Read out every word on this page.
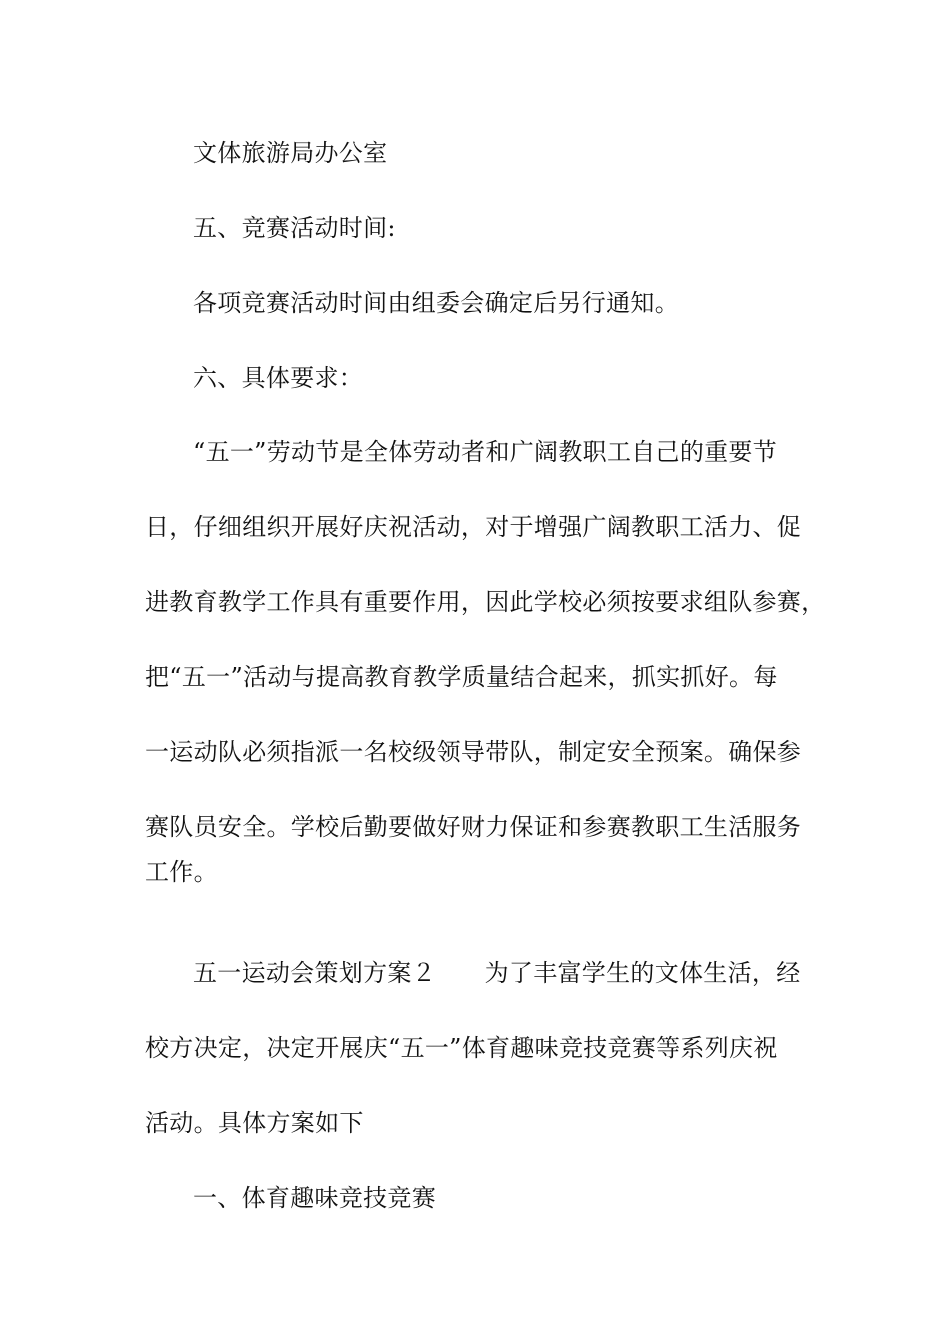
文体旅游局办公室
五、竞赛活动时间:
各项竞赛活动时间由组委会确定后另行通知。
六、具体要求：
“五一”劳动节是全体劳动者和广阔教职工自己的重要节
日，仔细组织开展好庆祝活动，对于增强广阔教职工活力、促
进教育教学工作具有重要作用，因此学校必须按要求组队参赛，
把“五一”活动与提高教育教学质量结合起来，抓实抓好。每
一运动队必须指派一名校级领导带队，制定安全预案。确保参
赛队员安全。学校后勤要做好财力保证和参赛教职工生活服务
工作。
五一运动会策划方案２　　为了丰富学生的文体生活，经
校方决定，决定开展庆“五一”体育趣味竞技竞赛等系列庆祝
活动。具体方案如下
一、体育趣味竞技竞赛
